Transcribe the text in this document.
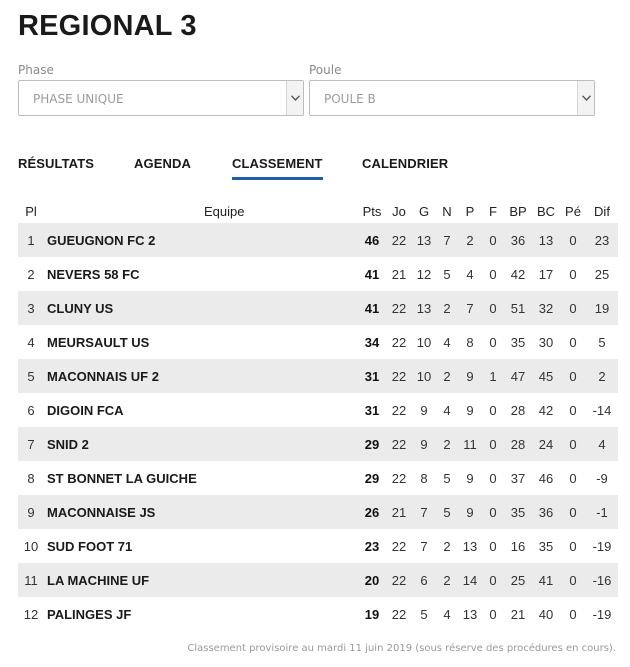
REGIONAL 3
Phase
PHASE UNIQUE
Poule
POULE B
RÉSULTATS	AGENDA	CLASSEMENT	CALENDRIER
Pl	Equipe	Pts	Jo	G	N	P	F	BP	BC	Pé	Dif
1	GUEUGNON FC 2	46	22	13	7	2	0	36	13	0	23
2	NEVERS 58 FC	41	21	12	5	4	0	42	17	0	25
3	CLUNY US	41	22	13	2	7	0	51	32	0	19
4	MEURSAULT US	34	22	10	4	8	0	35	30	0	5
5	MACONNAIS UF 2	31	22	10	2	9	1	47	45	0	2
6	DIGOIN FCA	31	22	9	4	9	0	28	42	0	-14
7	SNID 2	29	22	9	2	11	0	28	24	0	4
8	ST BONNET LA GUICHE	29	22	8	5	9	0	37	46	0	-9
9	MACONNAISE JS	26	21	7	5	9	0	35	36	0	-1
10	SUD FOOT 71	23	22	7	2	13	0	16	35	0	-19
11	LA MACHINE UF	20	22	6	2	14	0	25	41	0	-16
12	PALINGES JF	19	22	5	4	13	0	21	40	0	-19
Classement provisoire au mardi 11 juin 2019 (sous réserve des procédures en cours).
